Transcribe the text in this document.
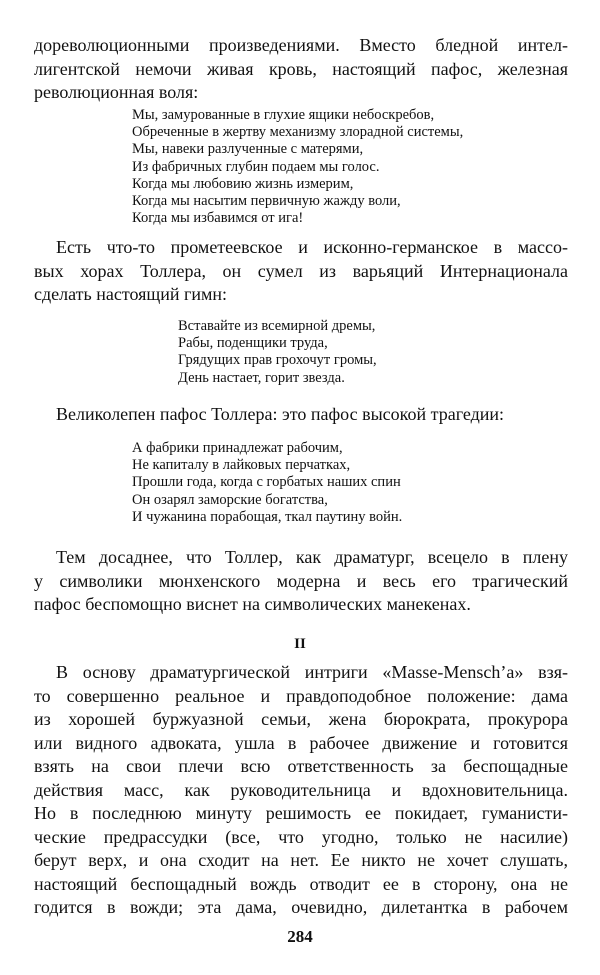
дореволюционными произведениями. Вместо бледной интел-
лигентской немочи живая кровь, настоящий пафос, железная
революционная воля:
Мы, замурованные в глухие ящики небоскребов,
Обреченные в жертву механизму злорадной системы,
Мы, навеки разлученные с матерями,
Из фабричных глубин подаем мы голос.
Когда мы любовию жизнь измерим,
Когда мы насытим первичную жажду воли,
Когда мы избавимся от ига!
Есть что-то прометеевское и исконно-германское в массо-
вых хорах Толлера, он сумел из варьяций Интернационала
сделать настоящий гимн:
Вставайте из всемирной дремы,
Рабы, поденщики труда,
Грядущих прав грохочут громы,
День настает, горит звезда.
Великолепен пафос Толлера: это пафос высокой трагедии:
А фабрики принадлежат рабочим,
Не капиталу в лайковых перчатках,
Прошли года, когда с горбатых наших спин
Он озарял заморские богатства,
И чужанина порабощая, ткал паутину войн.
Тем досаднее, что Толлер, как драматург, всецело в плену
у символики мюнхенского модерна и весь его трагический
пафос беспомощно виснет на символических манекенах.
II
В основу драматургической интриги «Masse-Mensch’a» взя-
то совершенно реальное и правдоподобное положение: дама
из хорошей буржуазной семьи, жена бюрократа, прокурора
или видного адвоката, ушла в рабочее движение и готовится
взять на свои плечи всю ответственность за беспощадные
действия масс, как руководительница и вдохновительница.
Но в последнюю минуту решимость ее покидает, гуманисти-
ческие предрассудки (все, что угодно, только не насилие)
берут верх, и она сходит на нет. Ее никто не хочет слушать,
настоящий беспощадный вождь отводит ее в сторону, она не
годится в вожди; эта дама, очевидно, дилетантка в рабочем
284
